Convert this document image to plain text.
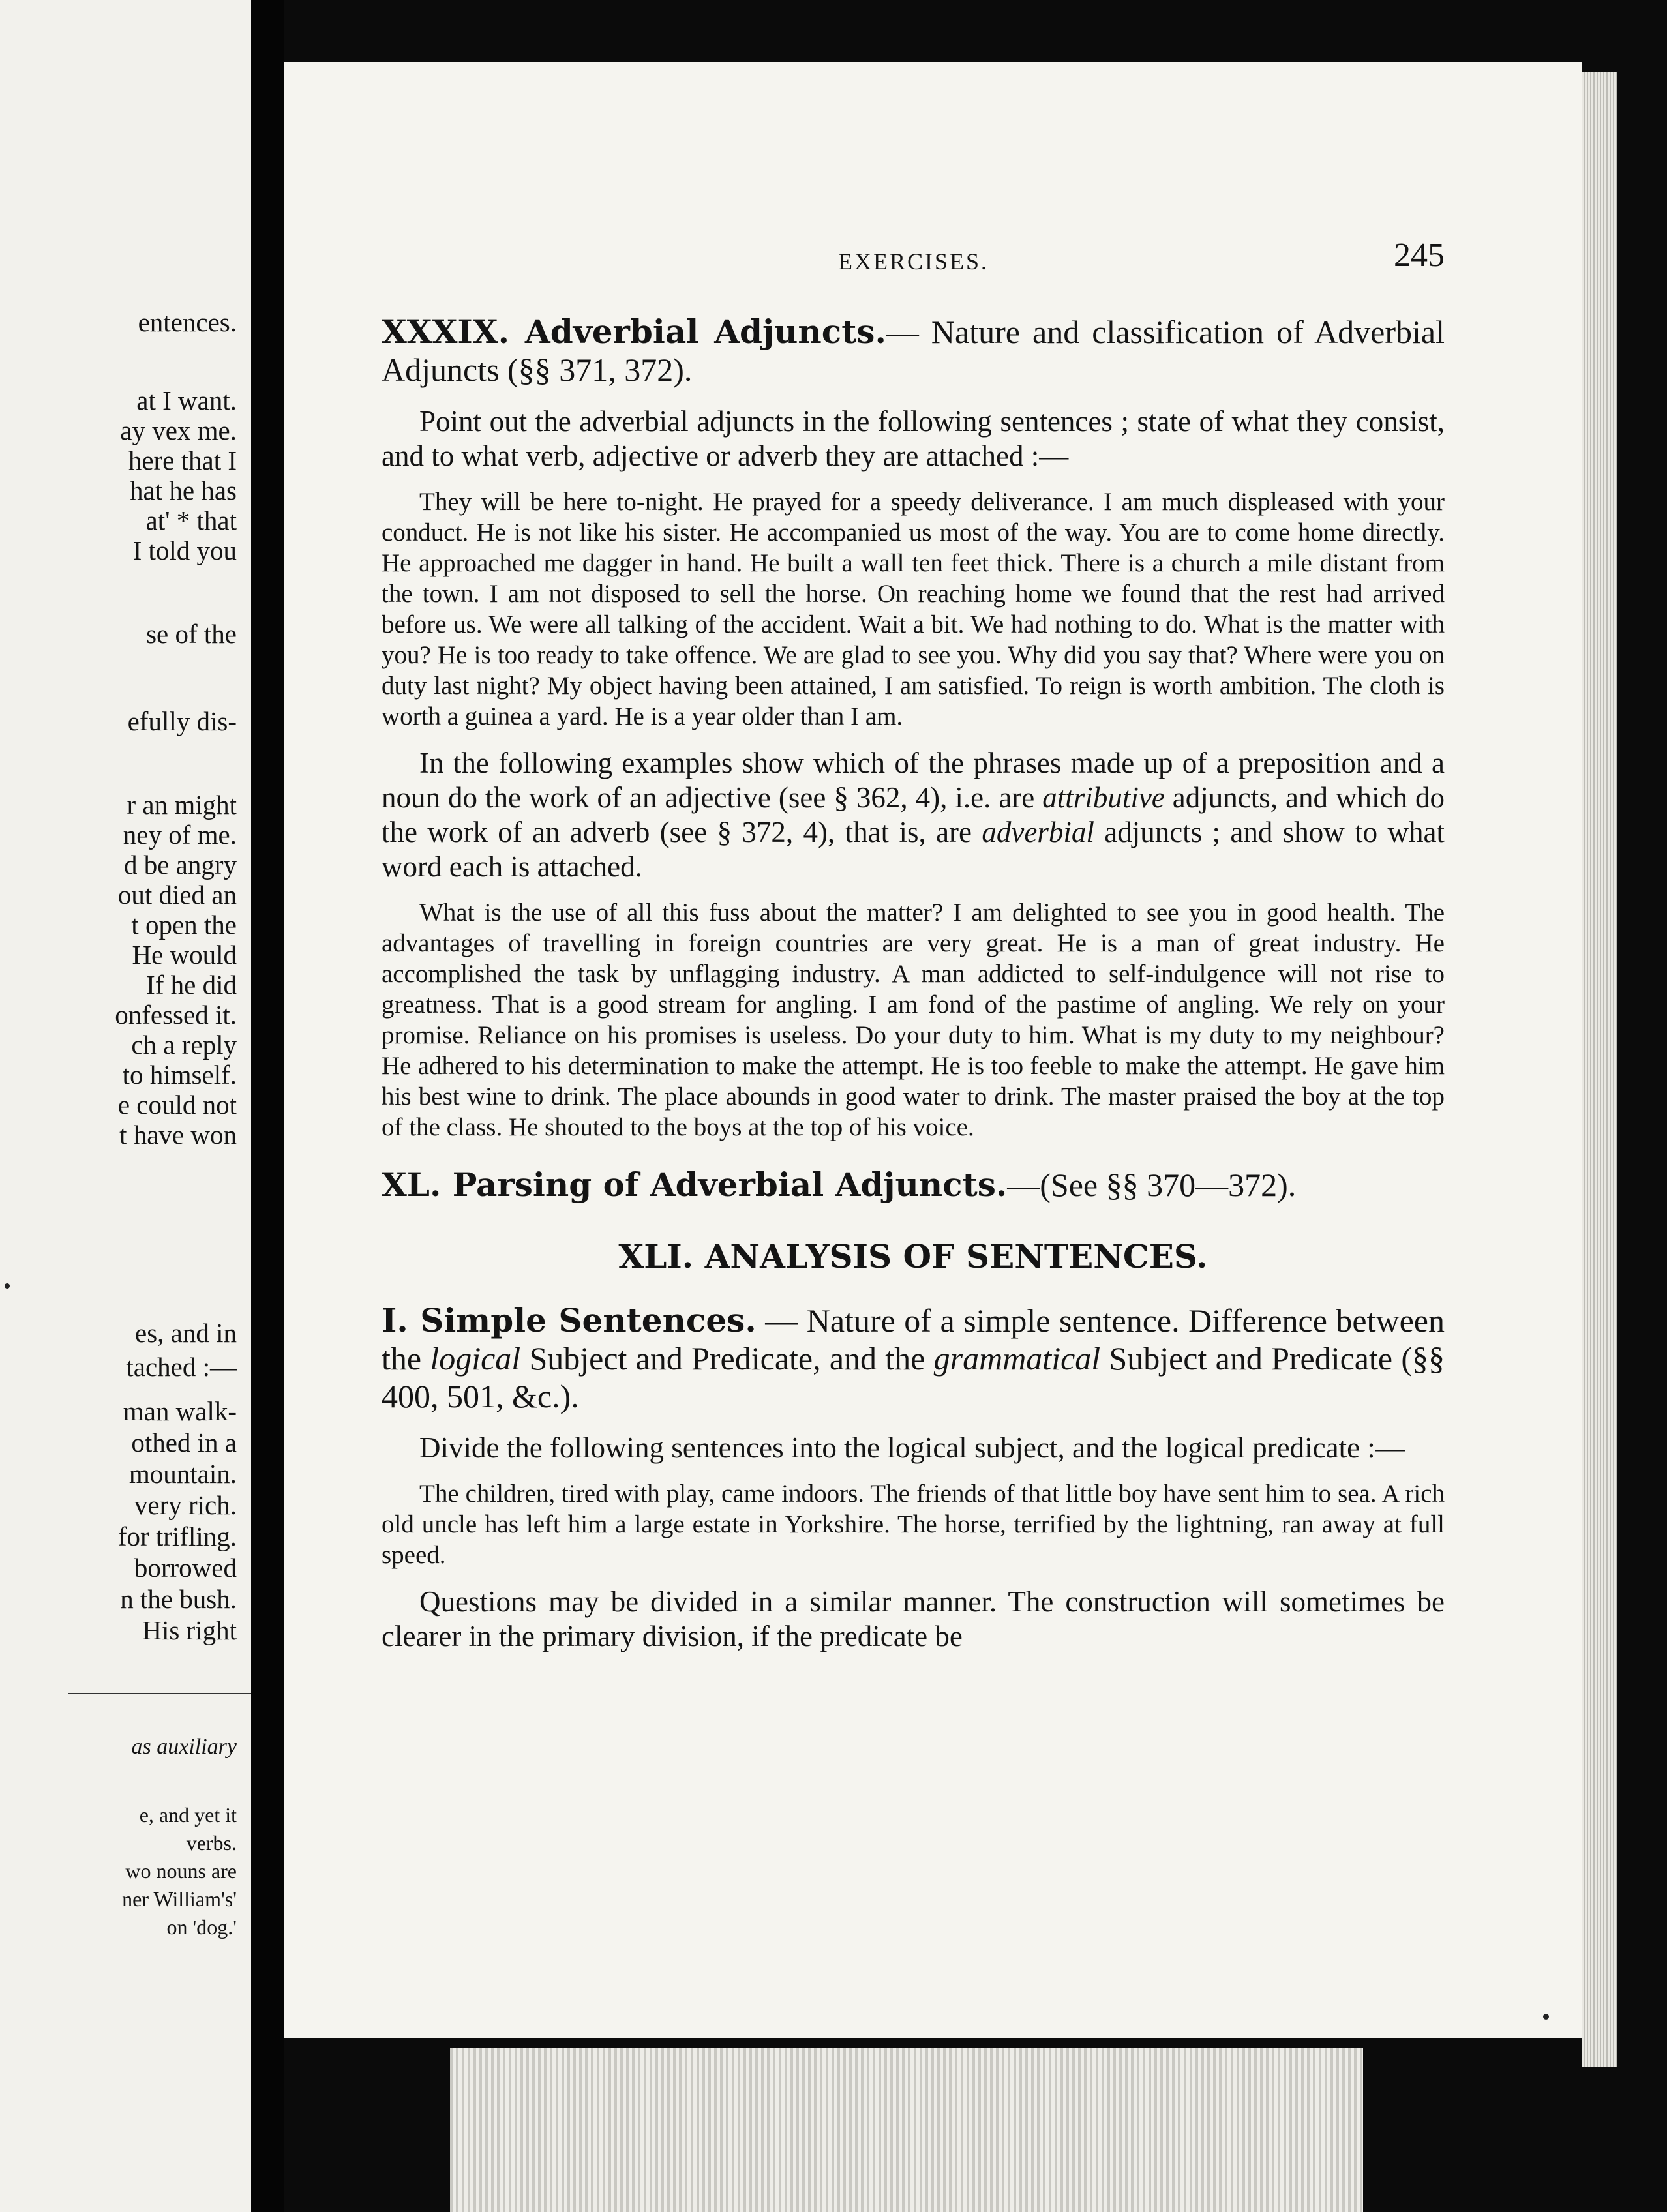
entences.
at I want.
ay vex me.
here that I
hat he has
at' * that
I told you
se of the
efully dis-
r an might
ney of me.
d be angry
out died an
t open the
He would
If he did
onfessed it.
ch a reply
to himself.
e could not
t have won
es, and in
tached :—
man walk-
othed in a
mountain.
very rich.
for trifling.
borrowed
n the bush.
His right
as auxiliary
e, and yet it
verbs.
wo nouns are
ner William's'
on 'dog.'
EXERCISES.	245

XXXIX. Adverbial Adjuncts.— Nature and classification of Adverbial Adjuncts (§§ 371, 372).

Point out the adverbial adjuncts in the following sentences ; state of what they consist, and to what verb, adjective or adverb they are attached :—

They will be here to-night. He prayed for a speedy deliverance. I am much displeased with your conduct. He is not like his sister. He accompanied us most of the way. You are to come home directly. He approached me dagger in hand. He built a wall ten feet thick. There is a church a mile distant from the town. I am not disposed to sell the horse. On reaching home we found that the rest had arrived before us. We were all talking of the accident. Wait a bit. We had nothing to do. What is the matter with you? He is too ready to take offence. We are glad to see you. Why did you say that? Where were you on duty last night? My object having been attained, I am satisfied. To reign is worth ambition. The cloth is worth a guinea a yard. He is a year older than I am.

In the following examples show which of the phrases made up of a preposition and a noun do the work of an adjective (see § 362, 4), i.e. are attributive adjuncts, and which do the work of an adverb (see § 372, 4), that is, are adverbial adjuncts ; and show to what word each is attached.

What is the use of all this fuss about the matter? I am delighted to see you in good health. The advantages of travelling in foreign countries are very great. He is a man of great industry. He accomplished the task by unflagging industry. A man addicted to self-indulgence will not rise to greatness. That is a good stream for angling. I am fond of the pastime of angling. We rely on your promise. Reliance on his promises is useless. Do your duty to him. What is my duty to my neighbour? He adhered to his determination to make the attempt. He is too feeble to make the attempt. He gave him his best wine to drink. The place abounds in good water to drink. The master praised the boy at the top of the class. He shouted to the boys at the top of his voice.

XL. Parsing of Adverbial Adjuncts.—(See §§ 370—372).

XLI. ANALYSIS OF SENTENCES.

I. Simple Sentences. — Nature of a simple sentence. Difference between the logical Subject and Predicate, and the grammatical Subject and Predicate (§§ 400, 501, &c.).

Divide the following sentences into the logical subject, and the logical predicate :—

The children, tired with play, came indoors. The friends of that little boy have sent him to sea. A rich old uncle has left him a large estate in Yorkshire. The horse, terrified by the lightning, ran away at full speed.

Questions may be divided in a similar manner. The construction will sometimes be clearer in the primary division, if the predicate be
